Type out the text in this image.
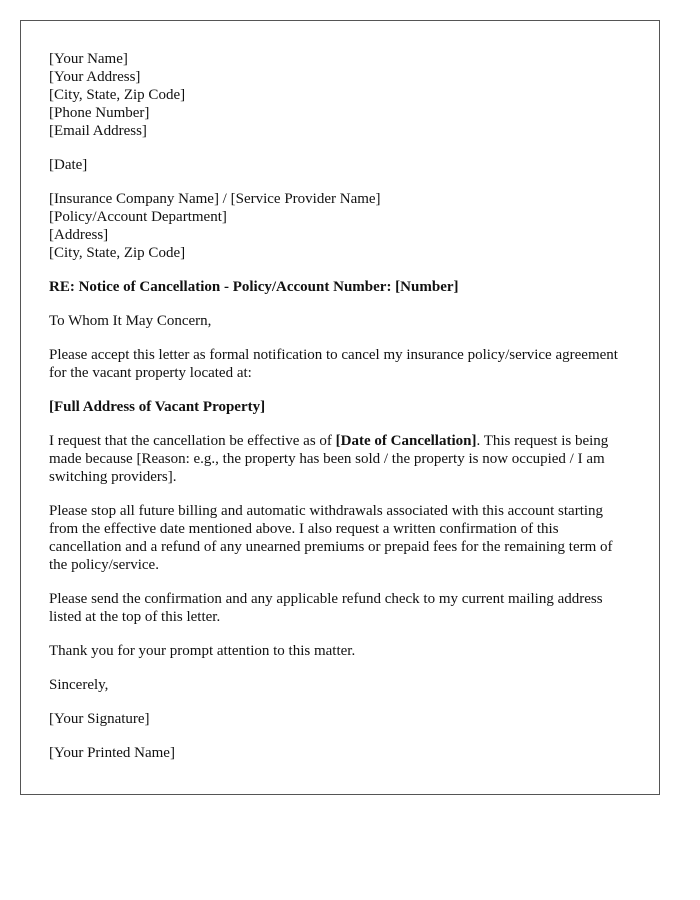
[Your Name]
[Your Address]
[City, State, Zip Code]
[Phone Number]
[Email Address]
[Date]
[Insurance Company Name] / [Service Provider Name]
[Policy/Account Department]
[Address]
[City, State, Zip Code]

RE: Notice of Cancellation - Policy/Account Number: [Number]

To Whom It May Concern,

Please accept this letter as formal notification to cancel my insurance policy/service agreement for the vacant property located at:

[Full Address of Vacant Property]

I request that the cancellation be effective as of [Date of Cancellation]. This request is being made because [Reason: e.g., the property has been sold / the property is now occupied / I am switching providers].

Please stop all future billing and automatic withdrawals associated with this account starting from the effective date mentioned above. I also request a written confirmation of this cancellation and a refund of any unearned premiums or prepaid fees for the remaining term of the policy/service.

Please send the confirmation and any applicable refund check to my current mailing address listed at the top of this letter.

Thank you for your prompt attention to this matter.

Sincerely,

[Your Signature]

[Your Printed Name]
